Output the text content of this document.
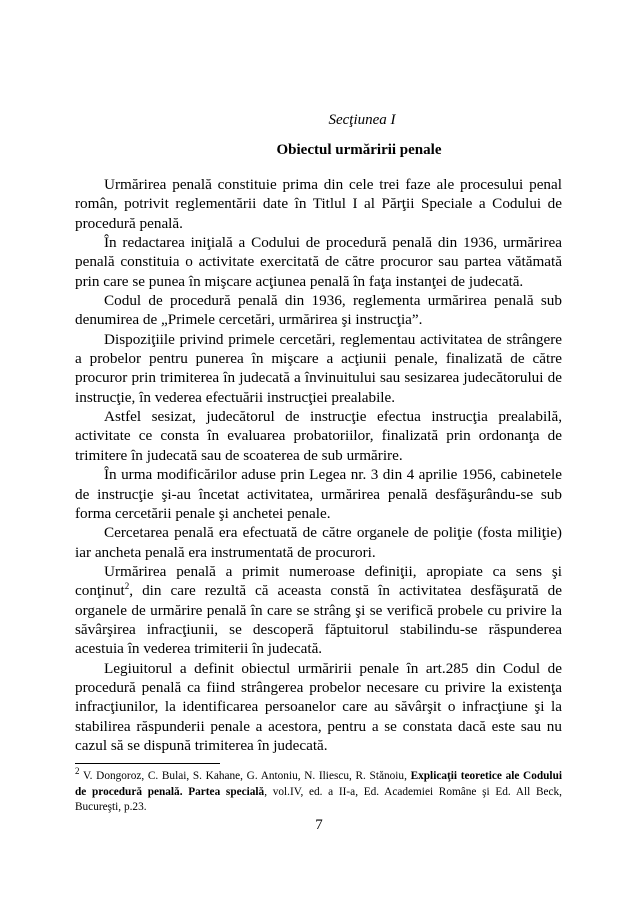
Secţiunea I
Obiectul urmăririi penale

Urmărirea penală constituie prima din cele trei faze ale procesului penal român, potrivit reglementării date în Titlul I al Părţii Speciale a Codului de procedură penală.

În redactarea iniţială a Codului de procedură penală din 1936, urmărirea penală constituia o activitate exercitată de către procuror sau partea vătămată prin care se punea în mişcare acţiunea penală în faţa instanţei de judecată.

Codul de procedură penală din 1936, reglementa urmărirea penală sub denumirea de „Primele cercetări, urmărirea şi instrucţia”.

Dispoziţiile privind primele cercetări, reglementau activitatea de strângere a probelor pentru punerea în mişcare a acţiunii penale, finalizată de către procuror prin trimiterea în judecată a învinuitului sau sesizarea judecătorului de instrucţie, în vederea efectuării instrucţiei prealabile.

Astfel sesizat, judecătorul de instrucţie efectua instrucţia prealabilă, activitate ce consta în evaluarea probatoriilor, finalizată prin ordonanţa de trimitere în judecată sau de scoaterea de sub urmărire.

În urma modificărilor aduse prin Legea nr. 3 din 4 aprilie 1956, cabinetele de instrucţie şi-au încetat activitatea, urmărirea penală desfăşurându-se sub forma cercetării penale şi anchetei penale.

Cercetarea penală era efectuată de către organele de poliţie (fosta miliţie) iar ancheta penală era instrumentată de procurori.

Urmărirea penală a primit numeroase definiţii, apropiate ca sens şi conţinut$^2$, din care rezultă că aceasta constă în activitatea desfăşurată de organele de urmărire penală în care se strâng şi se verifică probele cu privire la săvârşirea infracţiunii, se descoperă făptuitorul stabilindu-se răspunderea acestuia în vederea trimiterii în judecată.

Legiuitorul a definit obiectul urmăririi penale în art.285 din Codul de procedură penală ca fiind strângerea probelor necesare cu privire la existenţa infracţiunilor, la identificarea persoanelor care au săvârşit o infracţiune şi la stabilirea răspunderii penale a acestora, pentru a se constata dacă este sau nu cazul să se dispună trimiterea în judecată.

$^2$ V. Dongoroz, C. Bulai, S. Kahane, G. Antoniu, N. Iliescu, R. Stănoiu, Explicaţii teoretice ale Codului de procedură penală. Partea specială, vol.IV, ed. a II-a, Ed. Academiei Române şi Ed. All Beck, Bucureşti, p.23.
7
